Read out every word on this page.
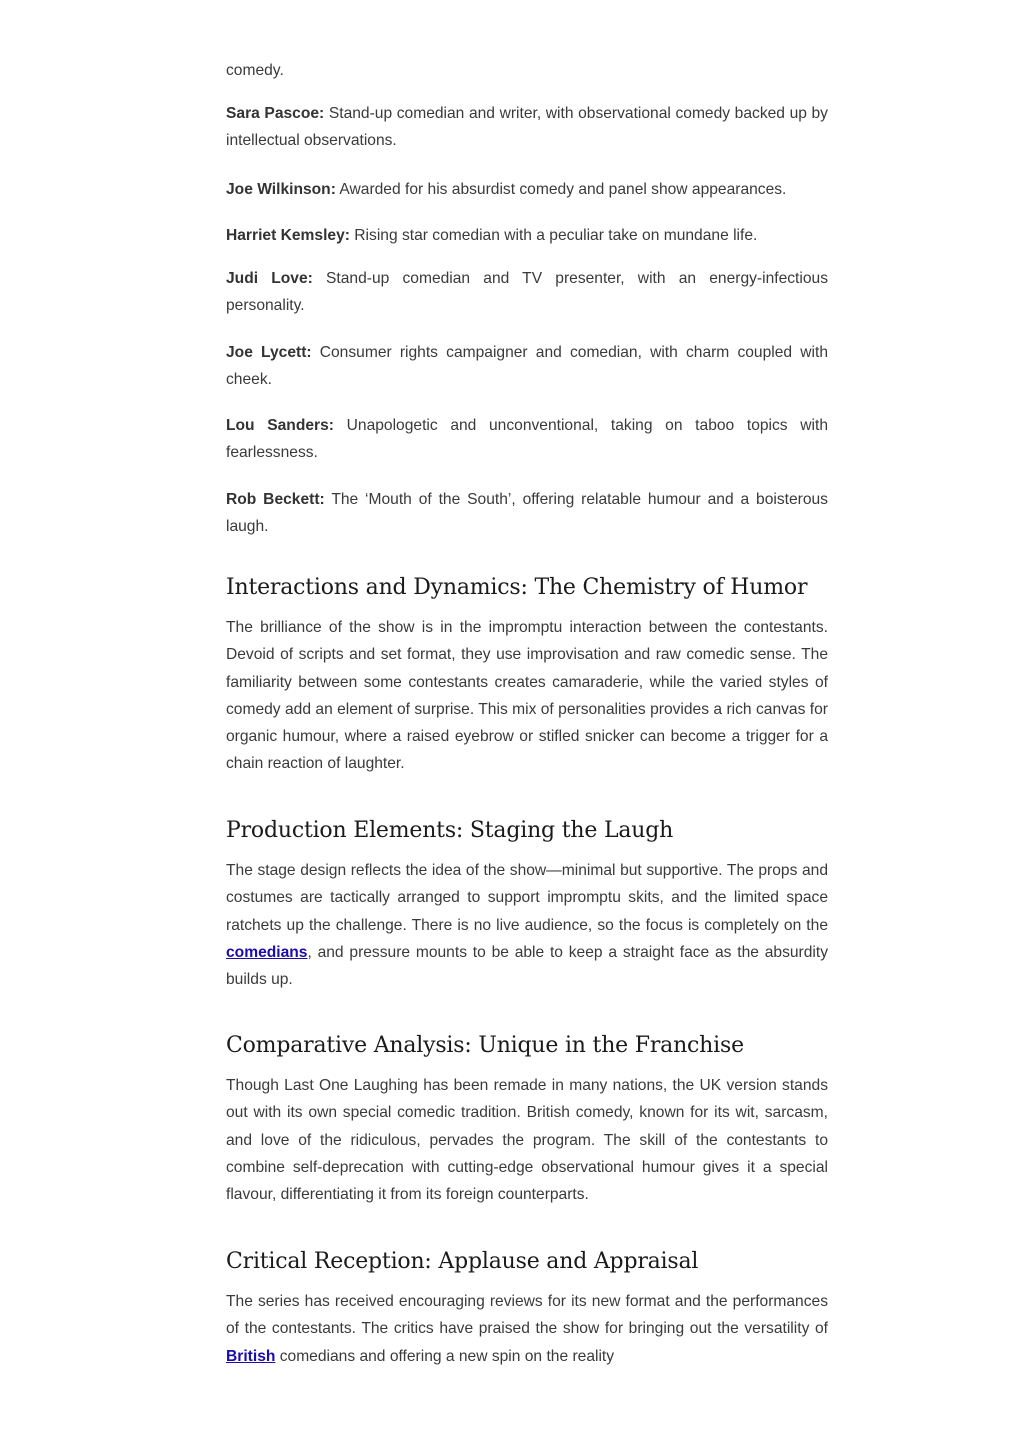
comedy.

Sara Pascoe: Stand-up comedian and writer, with observational comedy backed up by intellectual observations.

Joe Wilkinson: Awarded for his absurdist comedy and panel show appearances.

Harriet Kemsley: Rising star comedian with a peculiar take on mundane life.

Judi Love: Stand-up comedian and TV presenter, with an energy-infectious personality.

Joe Lycett: Consumer rights campaigner and comedian, with charm coupled with cheek.

Lou Sanders: Unapologetic and unconventional, taking on taboo topics with fearlessness.

Rob Beckett: The ‘Mouth of the South’, offering relatable humour and a boisterous laugh.

Interactions and Dynamics: The Chemistry of Humor

The brilliance of the show is in the impromptu interaction between the contestants. Devoid of scripts and set format, they use improvisation and raw comedic sense. The familiarity between some contestants creates camaraderie, while the varied styles of comedy add an element of surprise. This mix of personalities provides a rich canvas for organic humour, where a raised eyebrow or stifled snicker can become a trigger for a chain reaction of laughter.

Production Elements: Staging the Laugh

The stage design reflects the idea of the show—minimal but supportive. The props and costumes are tactically arranged to support impromptu skits, and the limited space ratchets up the challenge. There is no live audience, so the focus is completely on the comedians, and pressure mounts to be able to keep a straight face as the absurdity builds up.

Comparative Analysis: Unique in the Franchise

Though Last One Laughing has been remade in many nations, the UK version stands out with its own special comedic tradition. British comedy, known for its wit, sarcasm, and love of the ridiculous, pervades the program. The skill of the contestants to combine self-deprecation with cutting-edge observational humour gives it a special flavour, differentiating it from its foreign counterparts.

Critical Reception: Applause and Appraisal

The series has received encouraging reviews for its new format and the performances of the contestants. The critics have praised the show for bringing out the versatility of British comedians and offering a new spin on the reality
